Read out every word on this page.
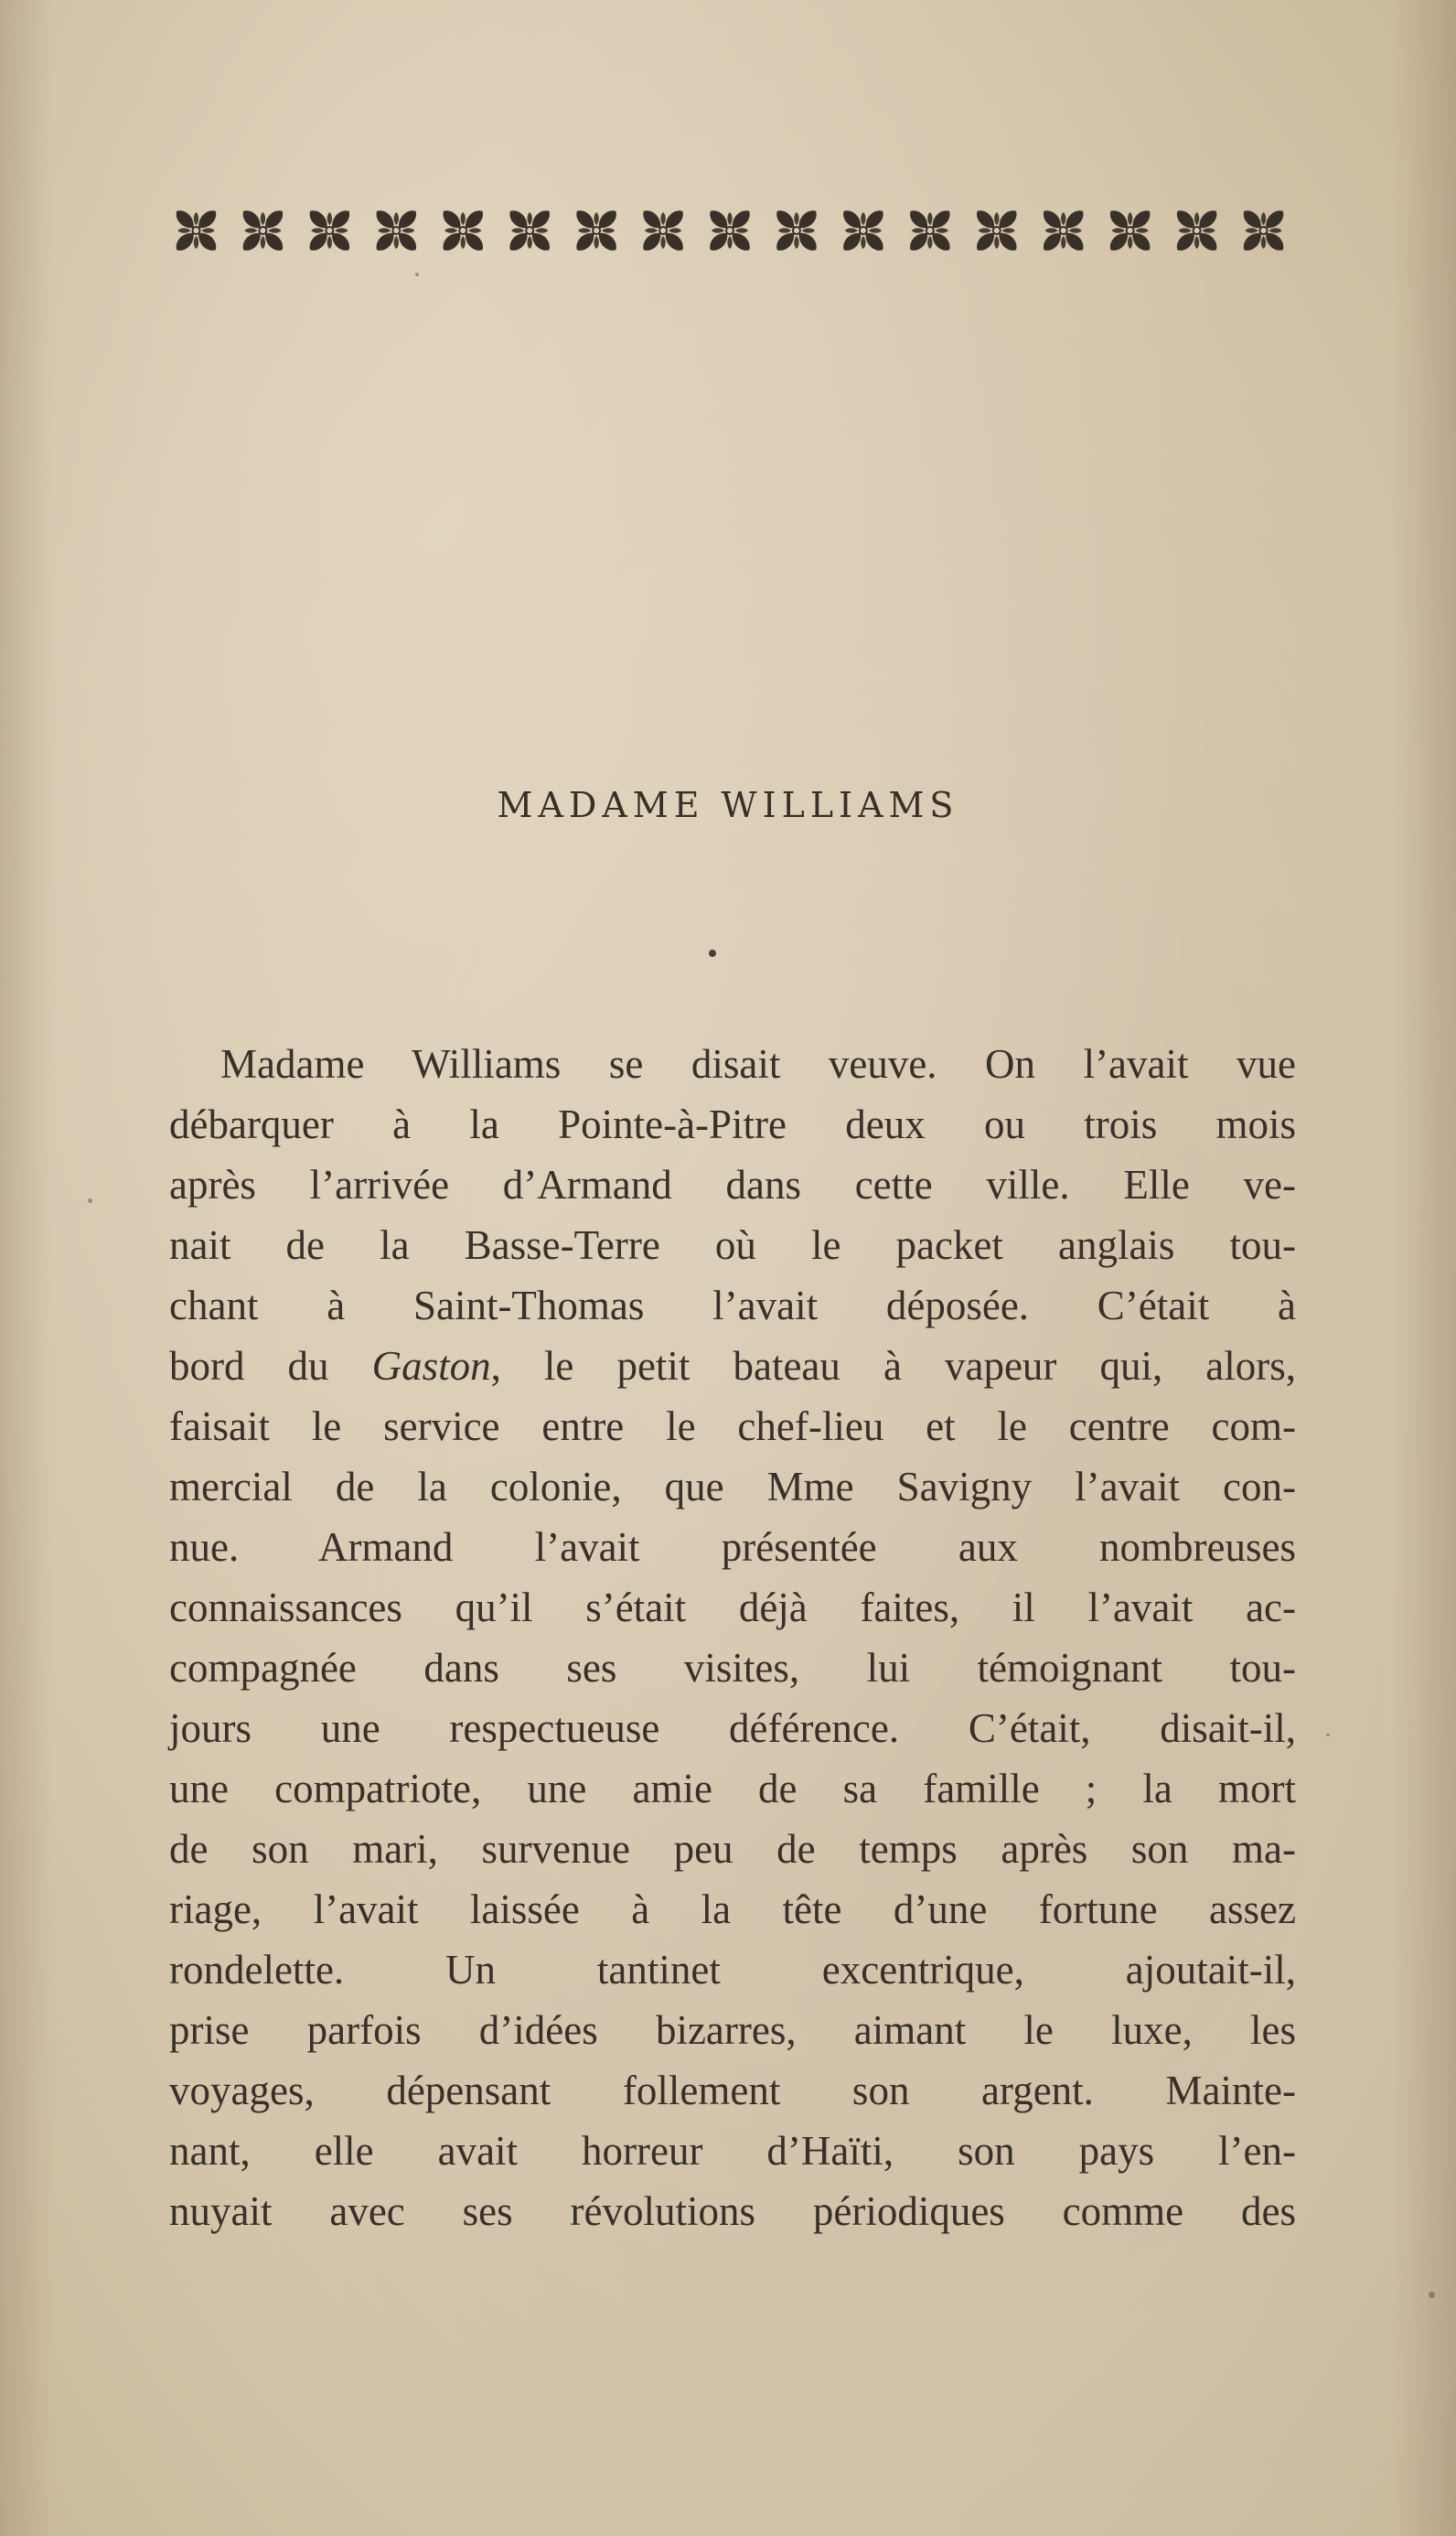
MADAME WILLIAMS
Madame Williams se disait veuve. On l’avait vue
débarquer à la Pointe-à-Pitre deux ou trois mois
après l’arrivée d’Armand dans cette ville. Elle ve-
nait de la Basse-Terre où le packet anglais tou-
chant à Saint-Thomas l’avait déposée. C’était à
bord du Gaston, le petit bateau à vapeur qui, alors,
faisait le service entre le chef-lieu et le centre com-
mercial de la colonie, que Mme Savigny l’avait con-
nue. Armand l’avait présentée aux nombreuses
connaissances qu’il s’était déjà faites, il l’avait ac-
compagnée dans ses visites, lui témoignant tou-
jours une respectueuse déférence. C’était, disait-il,
une compatriote, une amie de sa famille ; la mort
de son mari, survenue peu de temps après son ma-
riage, l’avait laissée à la tête d’une fortune assez
rondelette. Un tantinet excentrique, ajoutait-il,
prise parfois d’idées bizarres, aimant le luxe, les
voyages, dépensant follement son argent. Mainte-
nant, elle avait horreur d’Haïti, son pays l’en-
nuyait avec ses révolutions périodiques comme des
